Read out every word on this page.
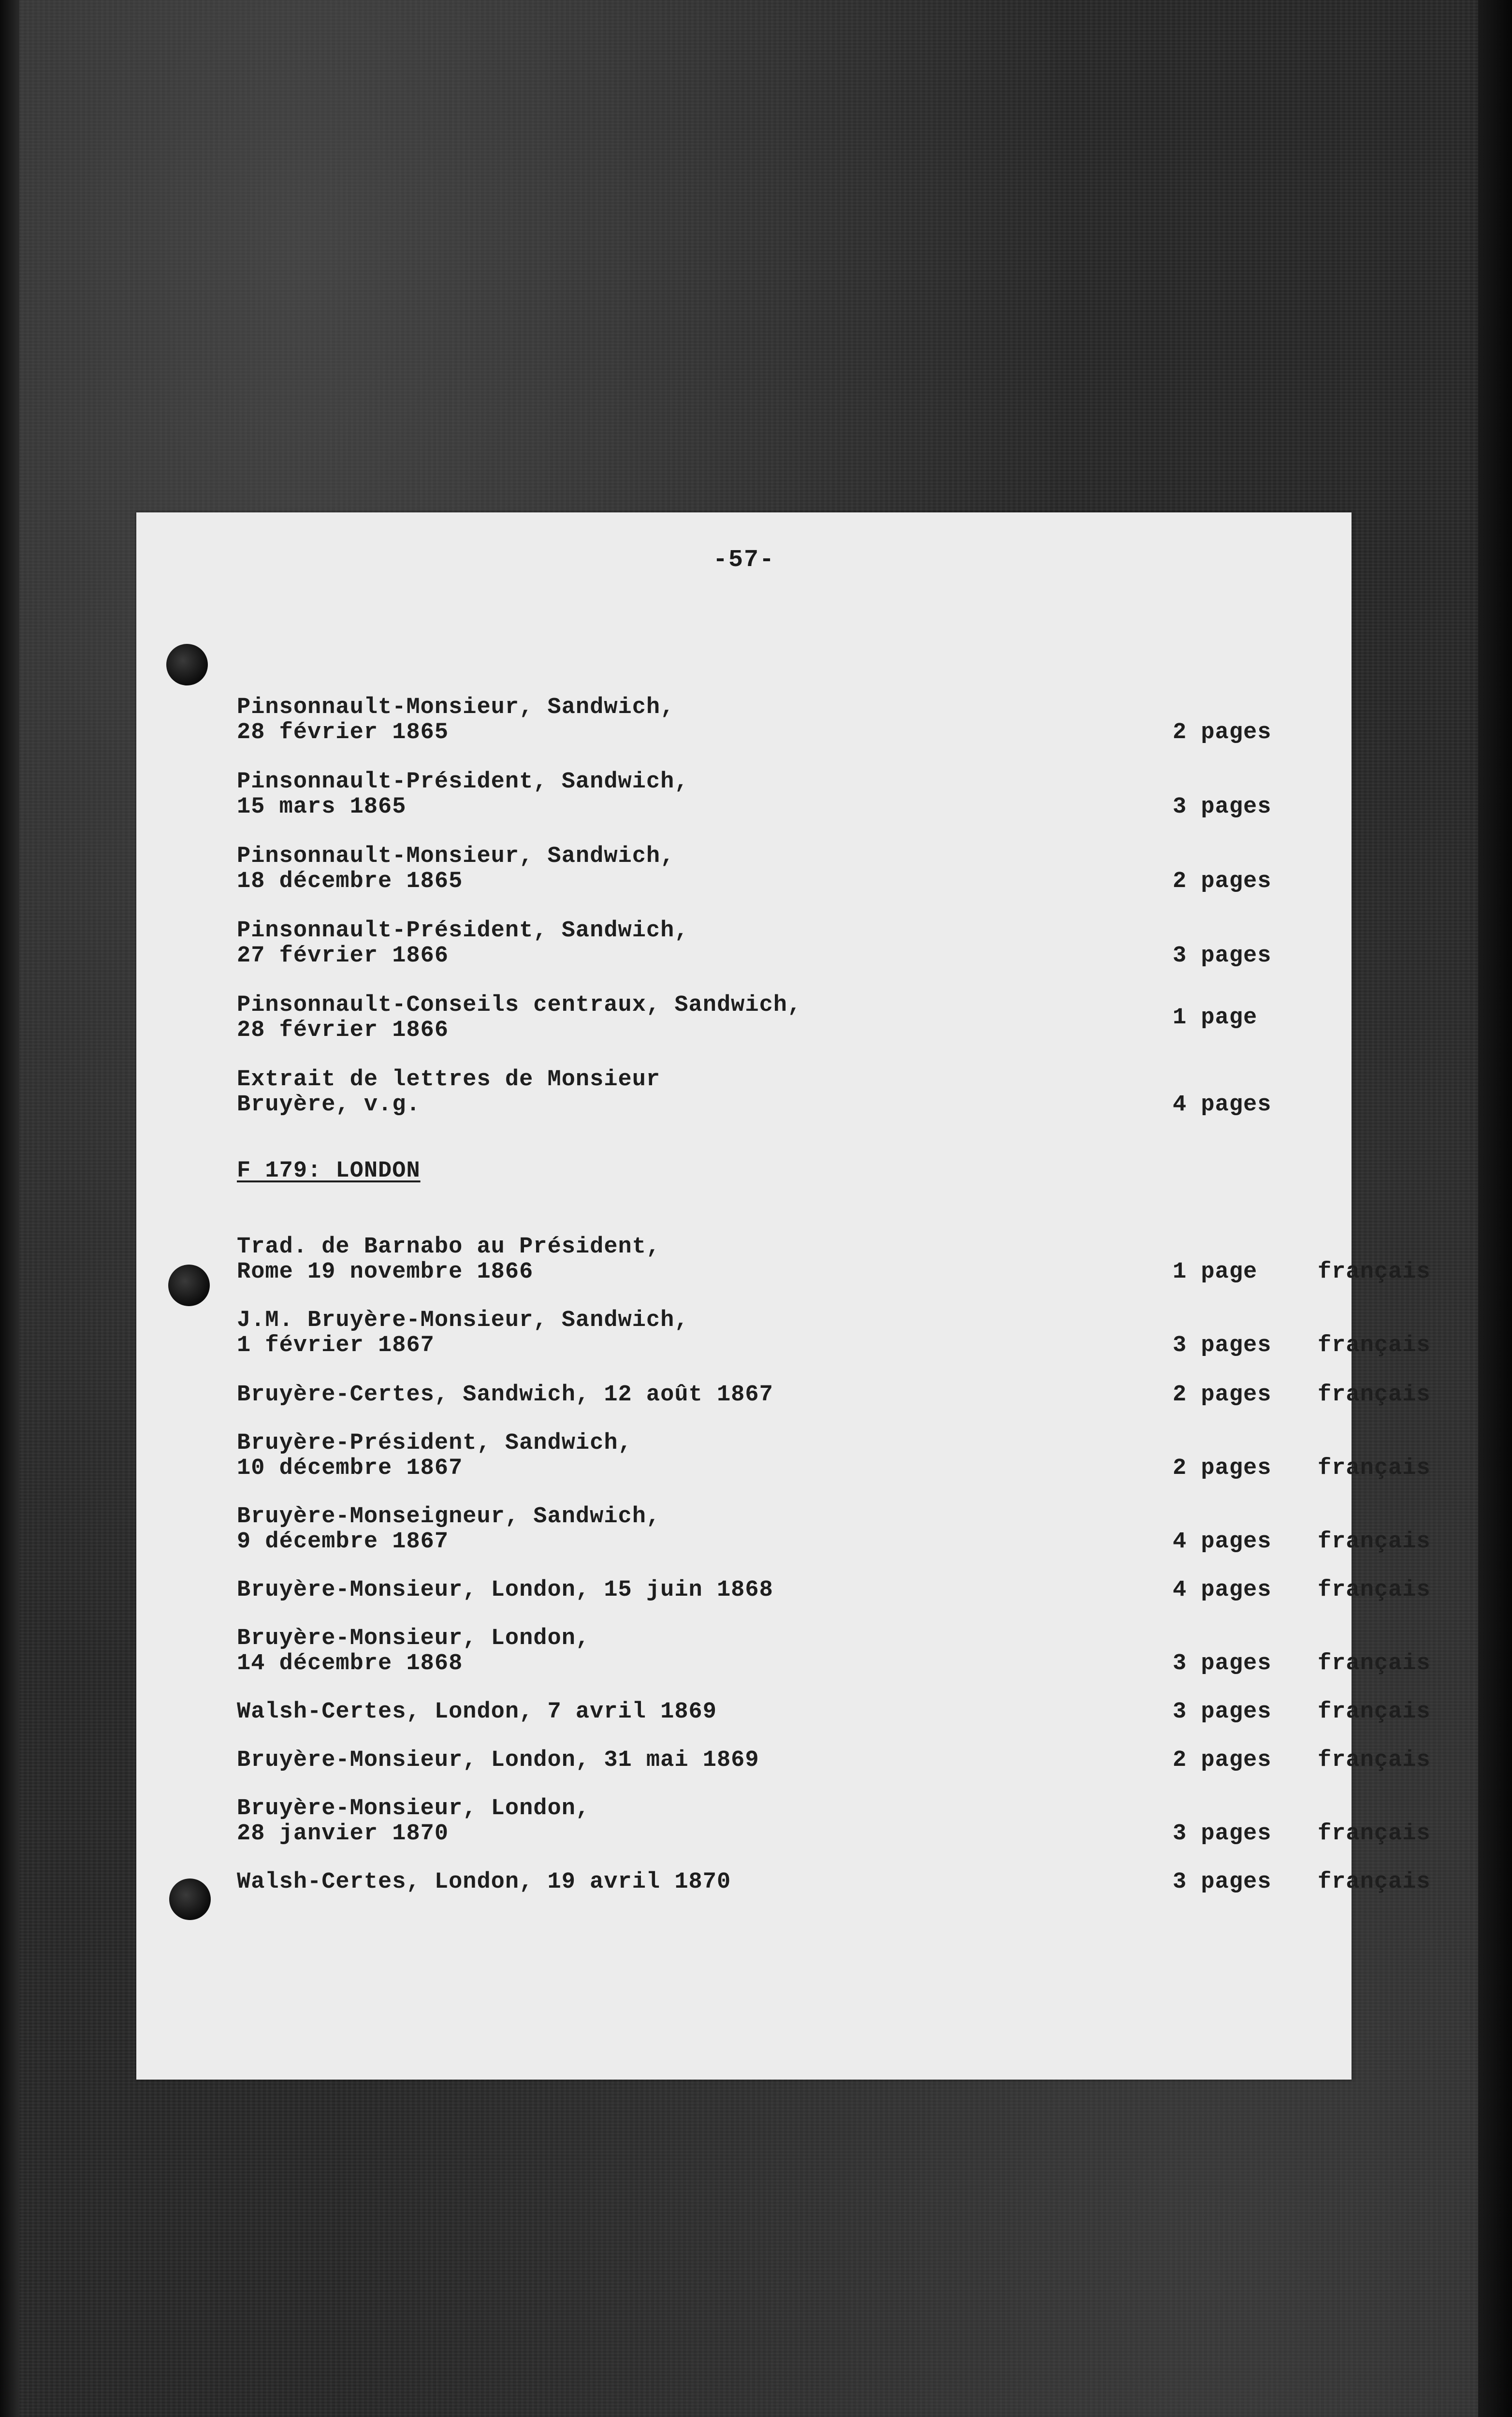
-57-
Pinsonnault-Monsieur, Sandwich,
28 février 1865	2 pages
Pinsonnault-Président, Sandwich,
15 mars 1865	3 pages
Pinsonnault-Monsieur, Sandwich,
18 décembre 1865	2 pages
Pinsonnault-Président, Sandwich,
27 février 1866	3 pages
Pinsonnault-Conseils centraux, Sandwich,
28 février 1866	1 page
Extrait de lettres de Monsieur
Bruyère, v.g.	4 pages
F 179: LONDON
Trad. de Barnabo au Président,
Rome 19 novembre 1866	1 page	français
J.M. Bruyère-Monsieur, Sandwich,
1 février 1867	3 pages français
Bruyère-Certes, Sandwich, 12 août 1867	2 pages français
Bruyère-Président, Sandwich,
10 décembre 1867	2 pages français
Bruyère-Monseigneur, Sandwich,
9 décembre 1867	4 pages français
Bruyère-Monsieur, London, 15 juin 1868	4 pages français
Bruyère-Monsieur, London,
14 décembre 1868	3 pages français
Walsh-Certes, London, 7 avril 1869	3 pages français
Bruyère-Monsieur, London, 31 mai 1869	2 pages français
Bruyère-Monsieur, London,
28 janvier 1870	3 pages français
Walsh-Certes, London, 19 avril 1870	3 pages français
